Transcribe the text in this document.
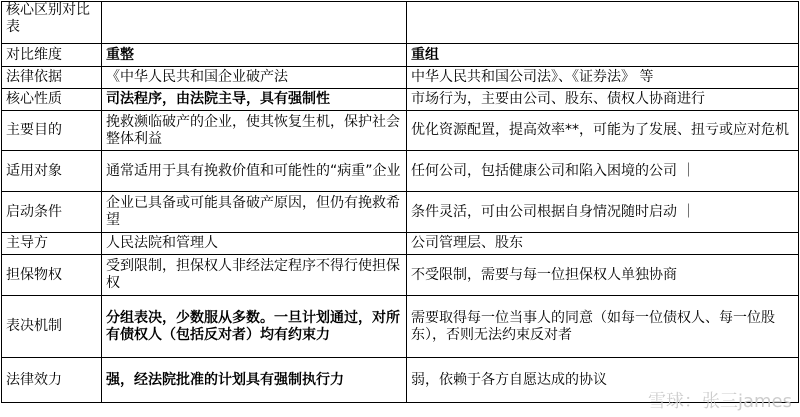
核心区别对比表		
对比维度	重整	重组
法律依据	《中华人民共和国企业破产法	中华人民共和国公司法》、《证券法》 等
核心性质	司法程序，由法院主导，具有强制性	市场行为，主要由公司、股东、债权人协商进行
主要目的	挽救濒临破产的企业，使其恢复生机，保护社会整体利益	优化资源配置，提高效率**，可能为了发展、扭亏或应对危机
适用对象	通常适用于具有挽救价值和可能性的“病重”企业	任何公司，包括健康公司和陷入困境的公司 ｜
启动条件	企业已具备或可能具备破产原因，但仍有挽救希望	条件灵活，可由公司根据自身情况随时启动 ｜
主导方	人民法院和管理人	公司管理层、股东
担保物权	受到限制，担保权人非经法定程序不得行使担保权	不受限制，需要与每一位担保权人单独协商
表决机制	分组表决，少数服从多数。一旦计划通过，对所有债权人（包括反对者）均有约束力	需要取得每一位当事人的同意（如每一位债权人、每一位股东），否则无法约束反对者
法律效力	强，经法院批准的计划具有强制执行力	弱，依赖于各方自愿达成的协议
雪球：张三james
